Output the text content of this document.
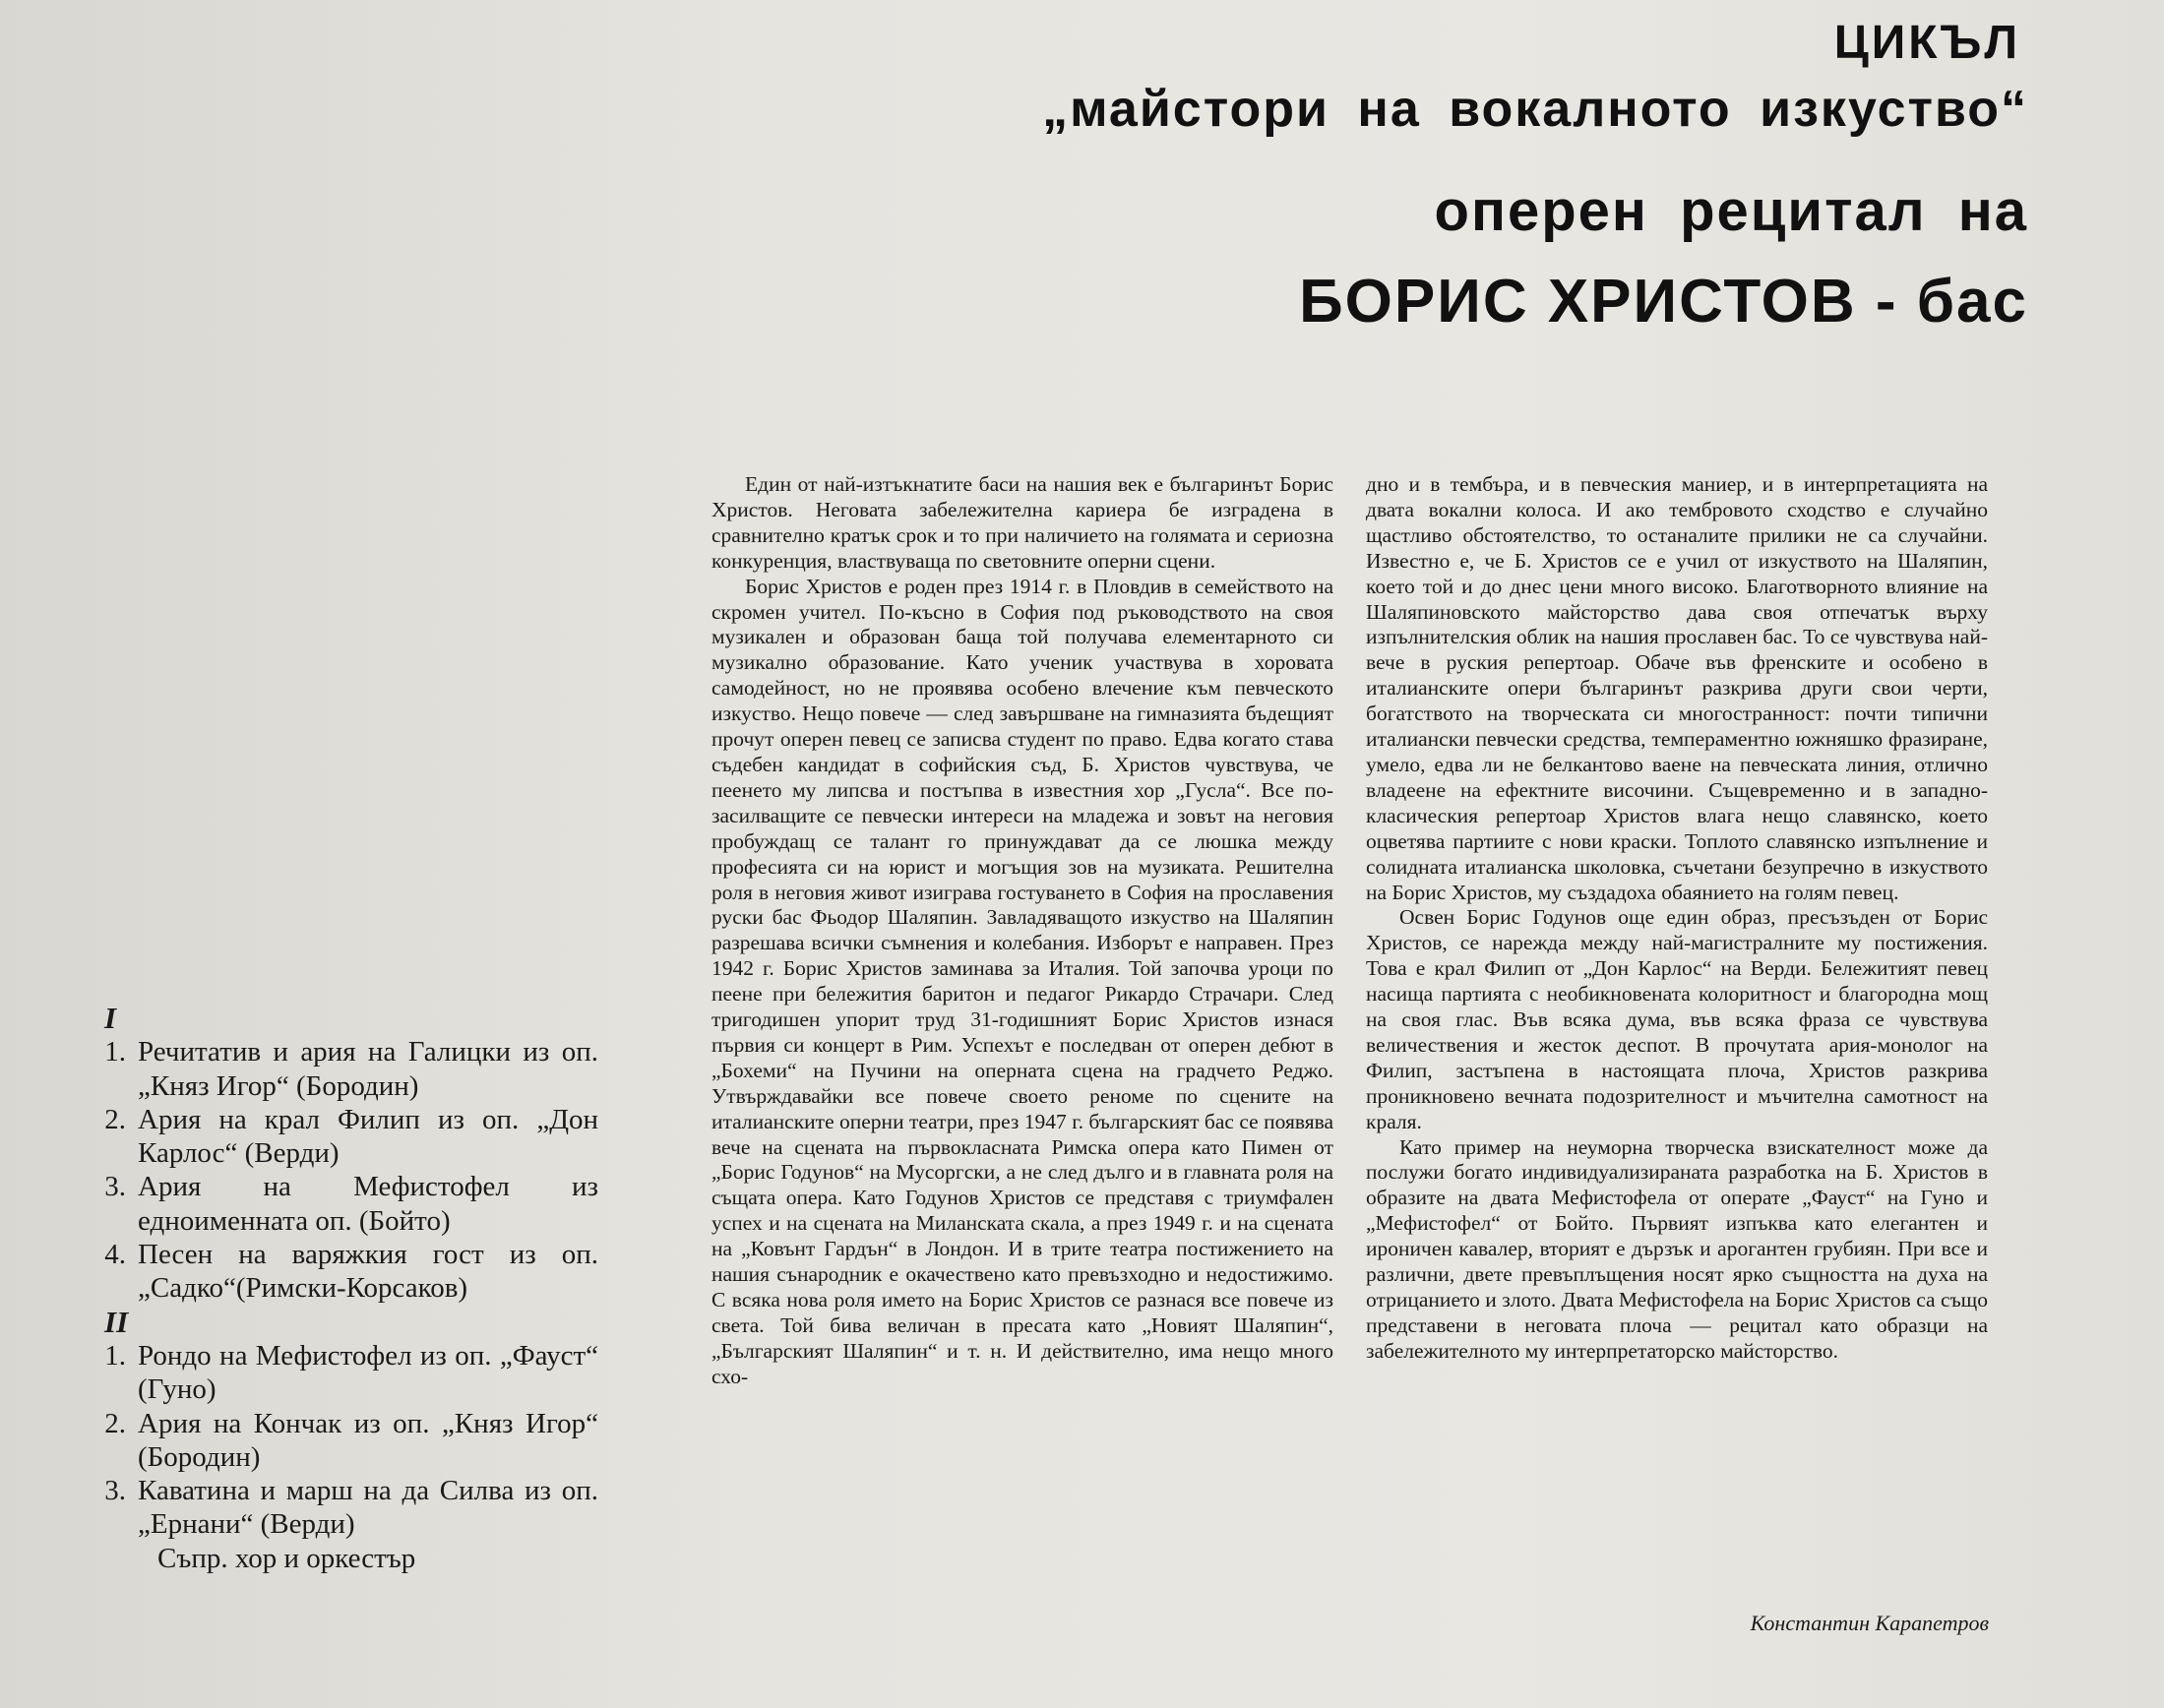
ЦИКЪЛ
„майстори на вокалното изкуство“
оперен рецитал на
БОРИС ХРИСТОВ - бас
I
1. Речитатив и ария на Галицки из оп. „Княз Игор“ (Бородин)
2. Ария на крал Филип из оп. „Дон Карлос“ (Верди)
3. Ария на Мефистофел из едноименната оп. (Бойто)
4. Песен на варяжкия гост из оп. „Садко“(Римски-Корсаков)
II
1. Рондо на Мефистофел из оп. „Фауст“ (Гуно)
2. Ария на Кончак из оп. „Княз Игор“ (Бородин)
3. Каватина и марш на да Силва из оп. „Ернани“ (Верди)
Съпр. хор и оркестър

Един от най-изтъкнатите баси на нашия век е българинът Борис Христов. Неговата забележителна кариера бе изградена в сравнително кратък срок и то при наличието на голямата и сериозна конкуренция, властвуваща по световните оперни сцени.

Борис Христов е роден през 1914 г. в Пловдив в семейството на скромен учител. По-късно в София под ръководството на своя музикален и образован баща той получава елементарното си музикално образование. Като ученик участвува в хоровата самодейност, но не проявява особено влечение към певческото изкуство. Нещо повече — след завършване на гимназията бъдещият прочут оперен певец се записва студент по право. Едва когато става съдебен кандидат в софийския съд, Б. Христов чувствува, че пеенето му липсва и постъпва в известния хор „Гусла“. Все по-засилващите се певчески интереси на младежа и зовът на неговия пробуждащ се талант го принуждават да се люшка между професията си на юрист и могъщия зов на музиката. Решителна роля в неговия живот изиграва гостуването в София на прославения руски бас Фьодор Шаляпин. Завладяващото изкуство на Шаляпин разрешава всички съмнения и колебания. Изборът е направен. През 1942 г. Борис Христов заминава за Италия. Той започва уроци по пеене при бележития баритон и педагог Рикардо Страчари. След тригодишен упорит труд 31-годишният Борис Христов изнася първия си концерт в Рим. Успехът е последван от оперен дебют в „Бохеми“ на Пучини на оперната сцена на градчето Реджо. Утвърждавайки все повече своето реноме по сцените на италианските оперни театри, през 1947 г. българският бас се появява вече на сцената на първокласната Римска опера като Пимен от „Борис Годунов“ на Мусоргски, а не след дълго и в главната роля на същата опера. Като Годунов Христов се представя с триумфален успех и на сцената на Миланската скала, а през 1949 г. и на сцената на „Ковънт Гардън“ в Лондон. И в трите театра постижението на нашия сънародник е окачествено като превъзходно и недостижимо. С всяка нова роля името на Борис Христов се разнася все повече из света. Той бива величан в пресата като „Новият Шаляпин“, „Българският Шаляпин“ и т. н. И действително, има нещо много схо-

дно и в тембъра, и в певческия маниер, и в интерпретацията на двата вокални колоса. И ако тембровото сходство е случайно щастливо обстоятелство, то останалите прилики не са случайни. Известно е, че Б. Христов се е учил от изкуството на Шаляпин, което той и до днес цени много високо. Благотворното влияние на Шаляпиновското майсторство дава своя отпечатък върху изпълнителския облик на нашия прославен бас. То се чувствува най-вече в руския репертоар. Обаче във френските и особено в италианските опери българинът разкрива други свои черти, богатството на творческата си многостранност: почти типични италиански певчески средства, темпераментно южняшко фразиране, умело, едва ли не белкантово ваене на певческата линия, отлично владеене на ефектните височини. Същевременно и в западно-класическия репертоар Христов влага нещо славянско, което оцветява партиите с нови краски. Топлото славянско изпълнение и солидната италианска школовка, съчетани безупречно в изкуството на Борис Христов, му създадоха обаянието на голям певец.

Освен Борис Годунов още един образ, пресъзъден от Борис Христов, се нарежда между най-магистралните му постижения. Това е крал Филип от „Дон Карлос“ на Верди. Бележитият певец насища партията с необикновената колоритност и благородна мощ на своя глас. Във всяка дума, във всяка фраза се чувствува величествения и жесток деспот. В прочутата ария-монолог на Филип, застъпена в настоящата плоча, Христов разкрива проникновено вечната подозрителност и мъчителна самотност на краля.

Като пример на неуморна творческа взискателност може да послужи богато индивидуализираната разработка на Б. Христов в образите на двата Мефистофела от операте „Фауст“ на Гуно и „Мефистофел“ от Бойто. Първият изпъква като елегантен и ироничен кавалер, вторият е дързък и арогантен грубиян. При все и различни, двете превъплъщения носят ярко същността на духа на отрицанието и злото. Двата Мефистофела на Борис Христов са също представени в неговата плоча — рецитал като образци на забележителното му интерпретаторско майсторство.

Константин Карапетров
